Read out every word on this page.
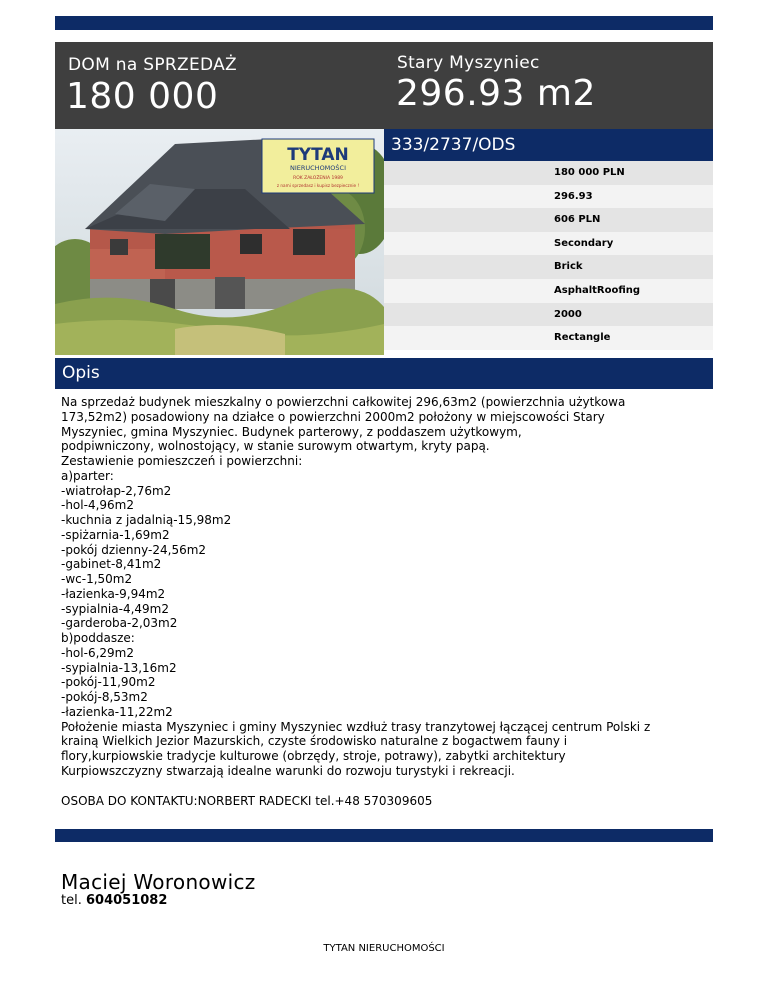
DOM na SPRZEDAŻ
180 000
Stary Myszyniec
296.93 m2
TYTAN
NIERUCHOMOŚCI
ROK ZAŁOŻENIA 1989
z nami sprzedasz i kupisz bezpiecznie !
333/2737/ODS
180 000 PLN
296.93
606 PLN
Secondary
Brick
AsphaltRoofing
2000
Rectangle
Opis
Na sprzedaż budynek mieszkalny o powierzchni całkowitej 296,63m2 (powierzchnia użytkowa
173,52m2) posadowiony na działce o powierzchni 2000m2 położony w miejscowości Stary
Myszyniec, gmina Myszyniec. Budynek parterowy, z poddaszem użytkowym,
podpiwniczony, wolnostojący, w stanie surowym otwartym, kryty papą.
Zestawienie pomieszczeń i powierzchni:
a)parter:
-wiatrołap-2,76m2
-hol-4,96m2
-kuchnia z jadalnią-15,98m2
-spiżarnia-1,69m2
-pokój dzienny-24,56m2
-gabinet-8,41m2
-wc-1,50m2
-łazienka-9,94m2
-sypialnia-4,49m2
-garderoba-2,03m2
b)poddasze:
-hol-6,29m2
-sypialnia-13,16m2
-pokój-11,90m2
-pokój-8,53m2
-łazienka-11,22m2
Położenie miasta Myszyniec i gminy Myszyniec wzdłuż trasy tranzytowej łączącej centrum Polski z
krainą Wielkich Jezior Mazurskich, czyste środowisko naturalne z bogactwem fauny i
flory,kurpiowskie tradycje kulturowe (obrzędy, stroje, potrawy), zabytki architektury
Kurpiowszczyzny stwarzają idealne warunki do rozwoju turystyki i rekreacji.
OSOBA DO KONTAKTU:NORBERT RADECKI tel.+48 570309605
Maciej Woronowicz
tel. 604051082
TYTAN NIERUCHOMOŚCI
